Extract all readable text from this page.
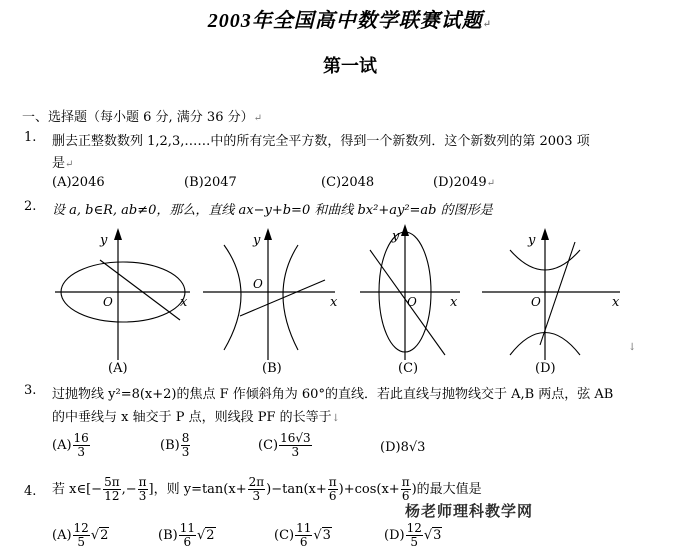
2003年全国高中数学联赛试题↵
第一试
一、选择题（每小题 6 分, 满分 36 分）↵
1. 删去正整数数列 1,2,3,……中的所有完全平方数，得到一个新数列．这个新数列的第 2003 项
是↵
(A)2046	(B)2047	(C)2048	(D)2049↵
2. 设 a, b∈R, ab≠0，那么，直线 ax−y+b=0 和曲线 bx²+ay²=ab 的图形是
y
x
O
y
x
O
y
x
O
y
x
O
(A)	(B)	(C)	(D)
↓
3. 过抛物线 y²=8(x+2)的焦点 F 作倾斜角为 60°的直线．若此直线与抛物线交于 A,B 两点，弦 AB
的中垂线与 x 轴交于 P 点，则线段 PF 的长等于↓
$(A) \frac{16}{3}$	$(B) \frac{8}{3}$	$(C) \frac{16√3}{3}$	(D)8√3
4. 若 x∈[− $\frac{5\pi}{12}$ ,− $\frac{\pi}{3}$ ]，则 $y=\tan(x+ \frac{2\pi}{3} )-\tan(x+ \frac{\pi}{6} )+\cos(x+ \frac{\pi}{6}$ )的最大值是
$(A) \frac{12}{5} √2$	$(B) \frac{11}{6} √2$	$(C) \frac{11}{6} √3$	$(D) \frac{12}{5} √3$
杨老师理科教学网
